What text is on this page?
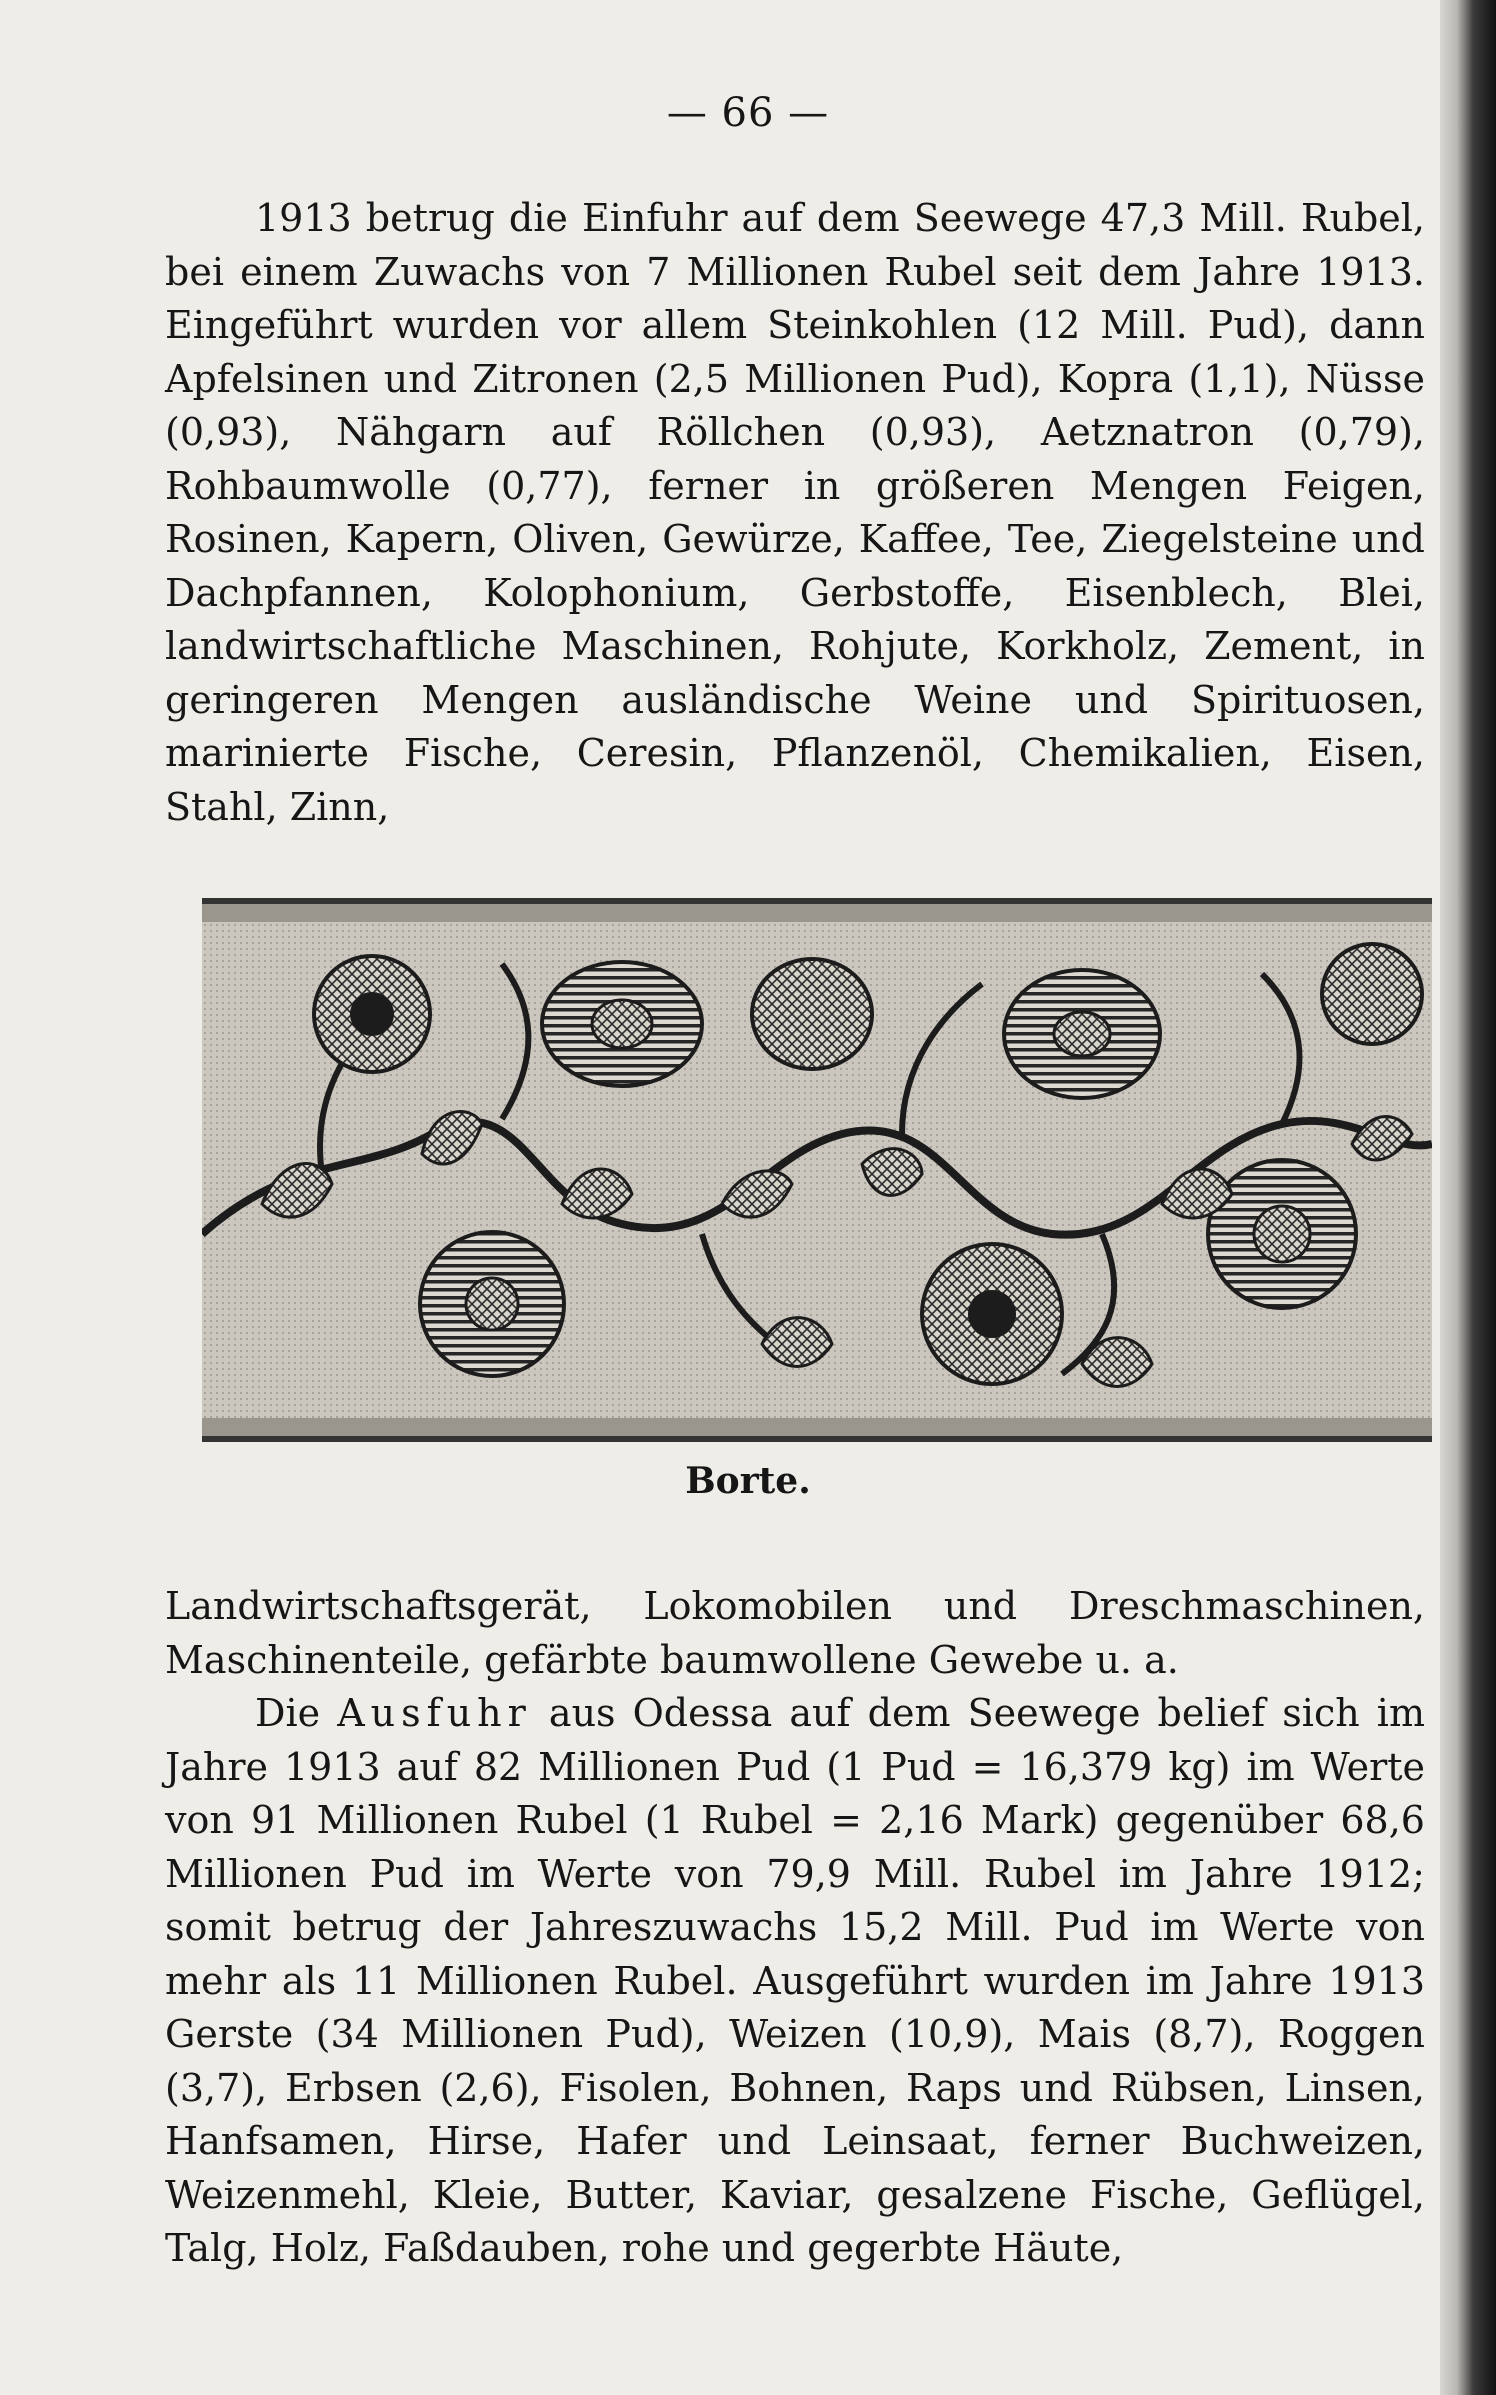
— 66 —

1913 betrug die Einfuhr auf dem Seewege 47,3 Mill. Rubel, bei einem Zuwachs von 7 Millionen Rubel seit dem Jahre 1913. Eingeführt wurden vor allem Steinkohlen (12 Mill. Pud), dann Apfelsinen und Zitronen (2,5 Millionen Pud), Kopra (1,1), Nüsse (0,93), Nähgarn auf Röllchen (0,93), Aetznatron (0,79), Rohbaumwolle (0,77), ferner in größeren Mengen Feigen, Rosinen, Kapern, Oliven, Gewürze, Kaffee, Tee, Ziegelsteine und Dachpfannen, Kolophonium, Gerbstoffe, Eisenblech, Blei, landwirtschaftliche Maschinen, Rohjute, Korkholz, Zement, in geringeren Mengen ausländische Weine und Spirituosen, marinierte Fische, Ceresin, Pflanzenöl, Chemikalien, Eisen, Stahl, Zinn,

Borte.

Landwirtschaftsgerät, Lokomobilen und Dreschmaschinen, Maschinenteile, gefärbte baumwollene Gewebe u. a.

Die Ausfuhr aus Odessa auf dem Seewege belief sich im Jahre 1913 auf 82 Millionen Pud (1 Pud = 16,379 kg) im Werte von 91 Millionen Rubel (1 Rubel = 2,16 Mark) gegenüber 68,6 Millionen Pud im Werte von 79,9 Mill. Rubel im Jahre 1912; somit betrug der Jahreszuwachs 15,2 Mill. Pud im Werte von mehr als 11 Millionen Rubel. Ausgeführt wurden im Jahre 1913 Gerste (34 Millionen Pud), Weizen (10,9), Mais (8,7), Roggen (3,7), Erbsen (2,6), Fisolen, Bohnen, Raps und Rübsen, Linsen, Hanfsamen, Hirse, Hafer und Leinsaat, ferner Buchweizen, Weizenmehl, Kleie, Butter, Kaviar, gesalzene Fische, Geflügel, Talg, Holz, Faßdauben, rohe und gegerbte Häute,
